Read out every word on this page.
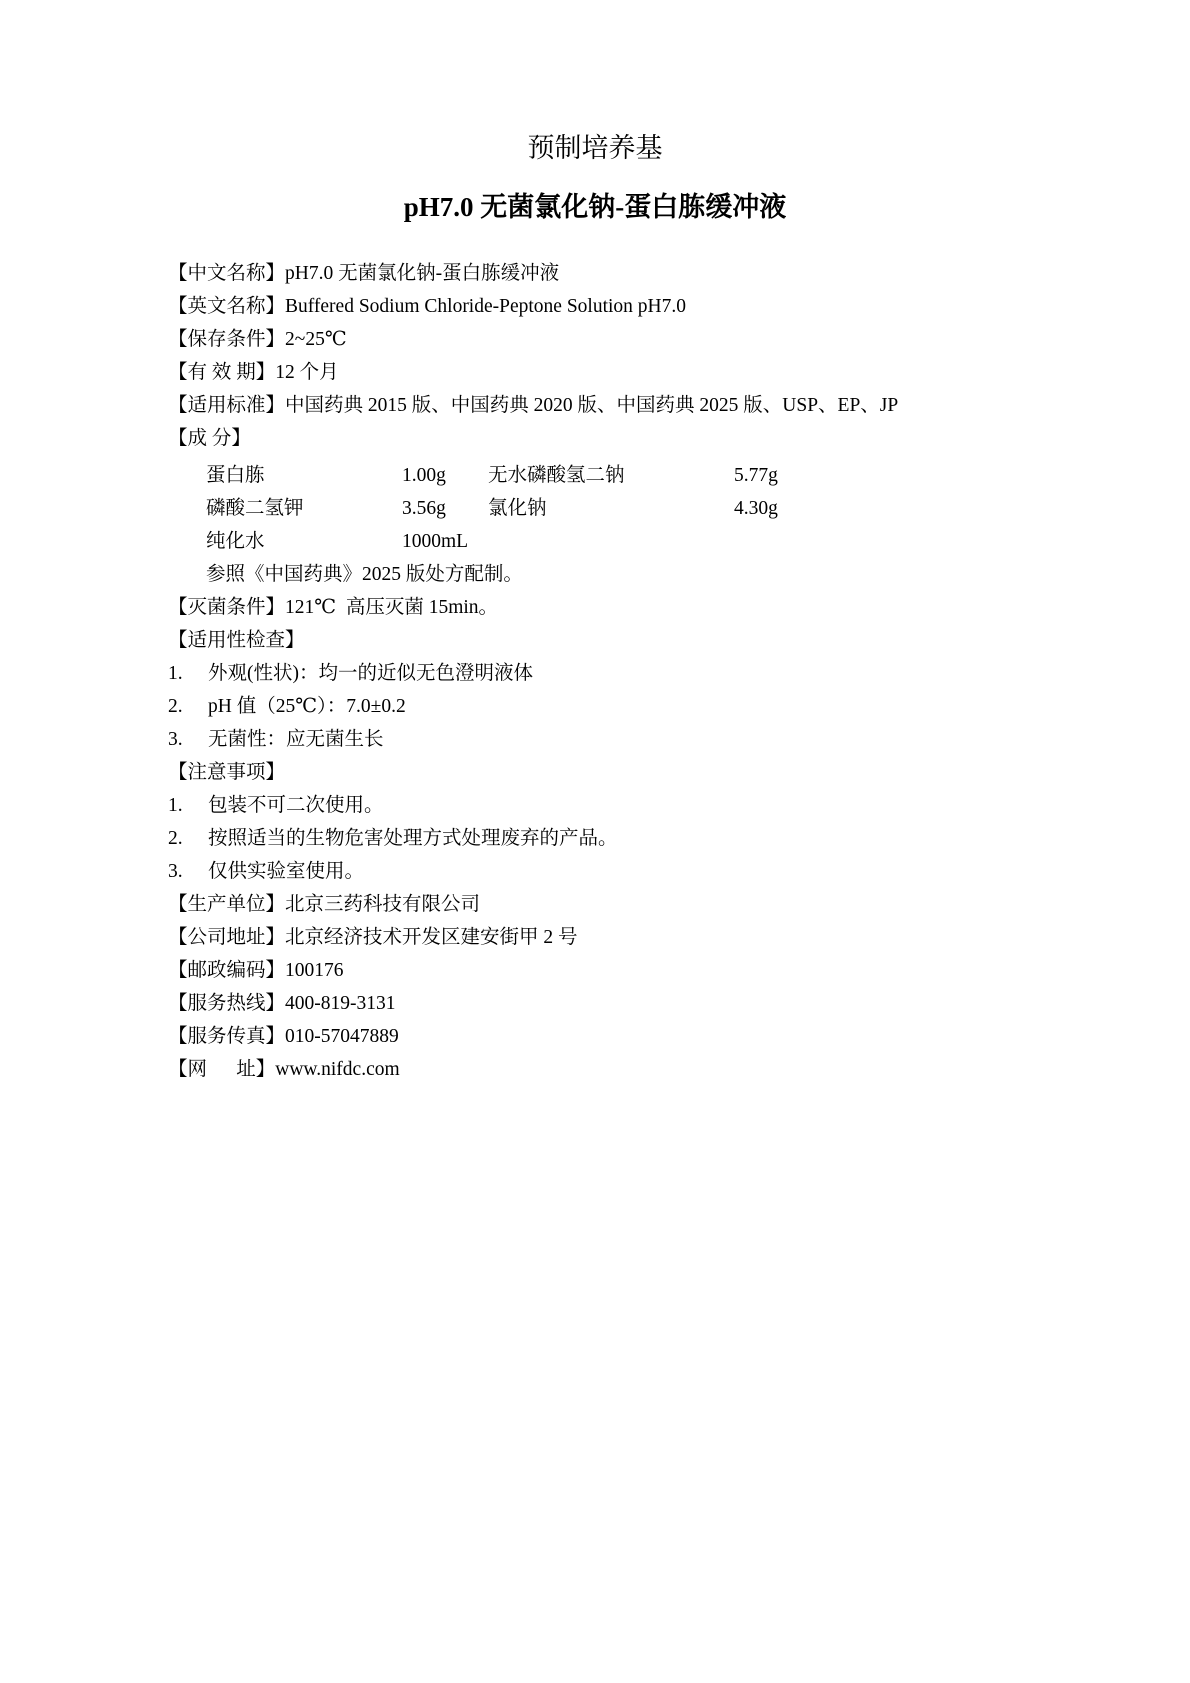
预制培养基
pH7.0 无菌氯化钠-蛋白胨缓冲液

【中文名称】pH7.0 无菌氯化钠-蛋白胨缓冲液

【英文名称】Buffered Sodium Chloride-Peptone Solution pH7.0

【保存条件】2~25℃

【有 效 期】12 个月

【适用标准】中国药典 2015 版、中国药典 2020 版、中国药典 2025 版、USP、EP、JP

【成 分】

蛋白胨	1.00g	无水磷酸氢二钠	5.77g
磷酸二氢钾	3.56g	氯化钠	4.30g
纯化水	1000mL		

参照《中国药典》2025 版处方配制。

【灭菌条件】121℃  高压灭菌 15min。

【适用性检查】

1.	外观(性状)：均一的近似无色澄明液体
2.	pH 值（25℃）：7.0±0.2
3.	无菌性：应无菌生长

【注意事项】

1.	包装不可二次使用。
2.	按照适当的生物危害处理方式处理废弃的产品。
3.	仅供实验室使用。

【生产单位】北京三药科技有限公司

【公司地址】北京经济技术开发区建安街甲 2 号

【邮政编码】100176

【服务热线】400-819-3131

【服务传真】010-57047889

【网      址】www.nifdc.com
